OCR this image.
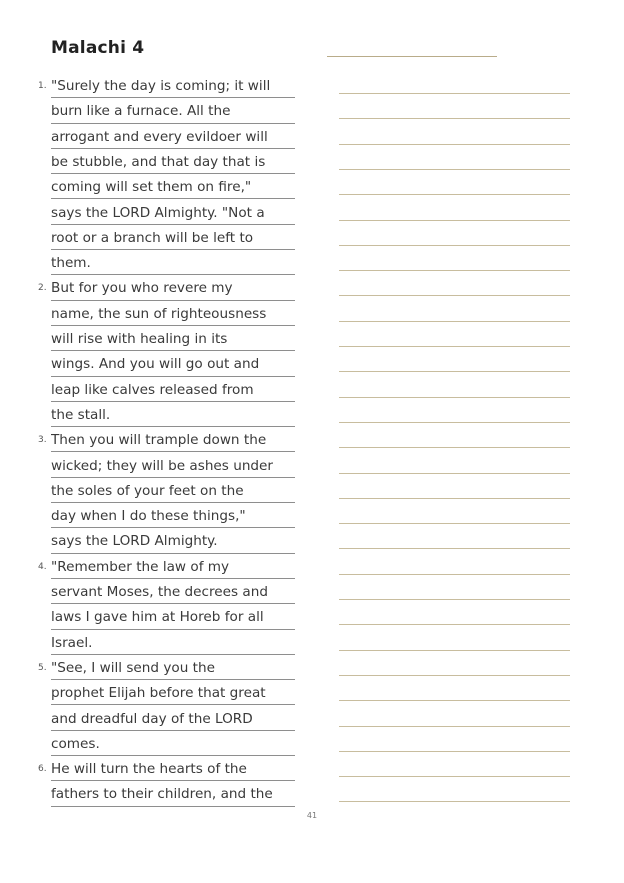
Malachi 4
1. "Surely the day is coming; it will
burn like a furnace. All the
arrogant and every evildoer will
be stubble, and that day that is
coming will set them on fire,"
says the LORD Almighty. "Not a
root or a branch will be left to
them.
2. But for you who revere my
name, the sun of righteousness
will rise with healing in its
wings. And you will go out and
leap like calves released from
the stall.
3. Then you will trample down the
wicked; they will be ashes under
the soles of your feet on the
day when I do these things,"
says the LORD Almighty.
4. "Remember the law of my
servant Moses, the decrees and
laws I gave him at Horeb for all
Israel.
5. "See, I will send you the
prophet Elijah before that great
and dreadful day of the LORD
comes.
6. He will turn the hearts of the
fathers to their children, and the
41
